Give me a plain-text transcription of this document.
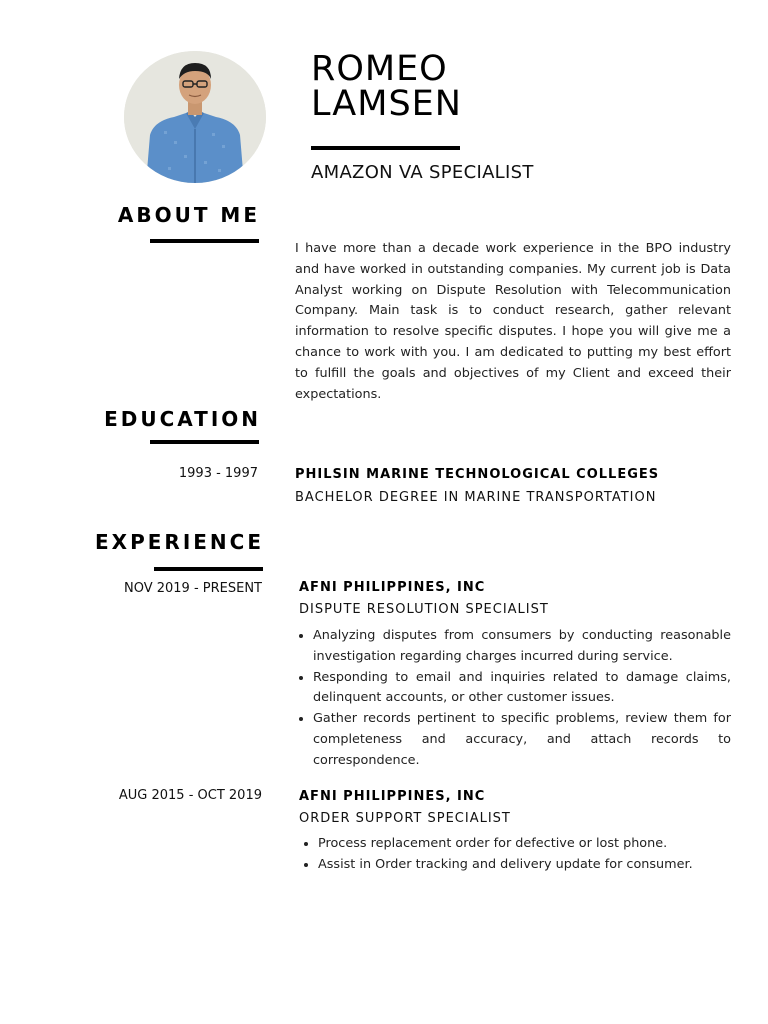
ROMEO
LAMSEN
AMAZON VA SPECIALIST
ABOUT ME
I have more than a decade work experience in the BPO industry and have worked in outstanding companies. My current job is Data Analyst working on Dispute Resolution with Telecommunication Company. Main task is to conduct research, gather relevant information to resolve specific disputes. I hope you will give me a chance to work with you. I am dedicated to putting my best effort to fulfill the goals and objectives of my Client and exceed their expectations.
EDUCATION
1993 - 1997	PHILSIN MARINE TECHNOLOGICAL COLLEGES
BACHELOR DEGREE IN MARINE TRANSPORTATION
EXPERIENCE
NOV 2019 - PRESENT	AFNI PHILIPPINES, INC
DISPUTE RESOLUTION SPECIALIST
• Analyzing disputes from consumers by conducting reasonable investigation regarding charges incurred during service.
• Responding to email and inquiries related to damage claims, delinquent accounts, or other customer issues.
• Gather records pertinent to specific problems, review them for completeness and accuracy, and attach records to correspondence.
AUG 2015 - OCT 2019	AFNI PHILIPPINES, INC
ORDER SUPPORT SPECIALIST
• Process replacement order for defective or lost phone.
• Assist in Order tracking and delivery update for consumer.
